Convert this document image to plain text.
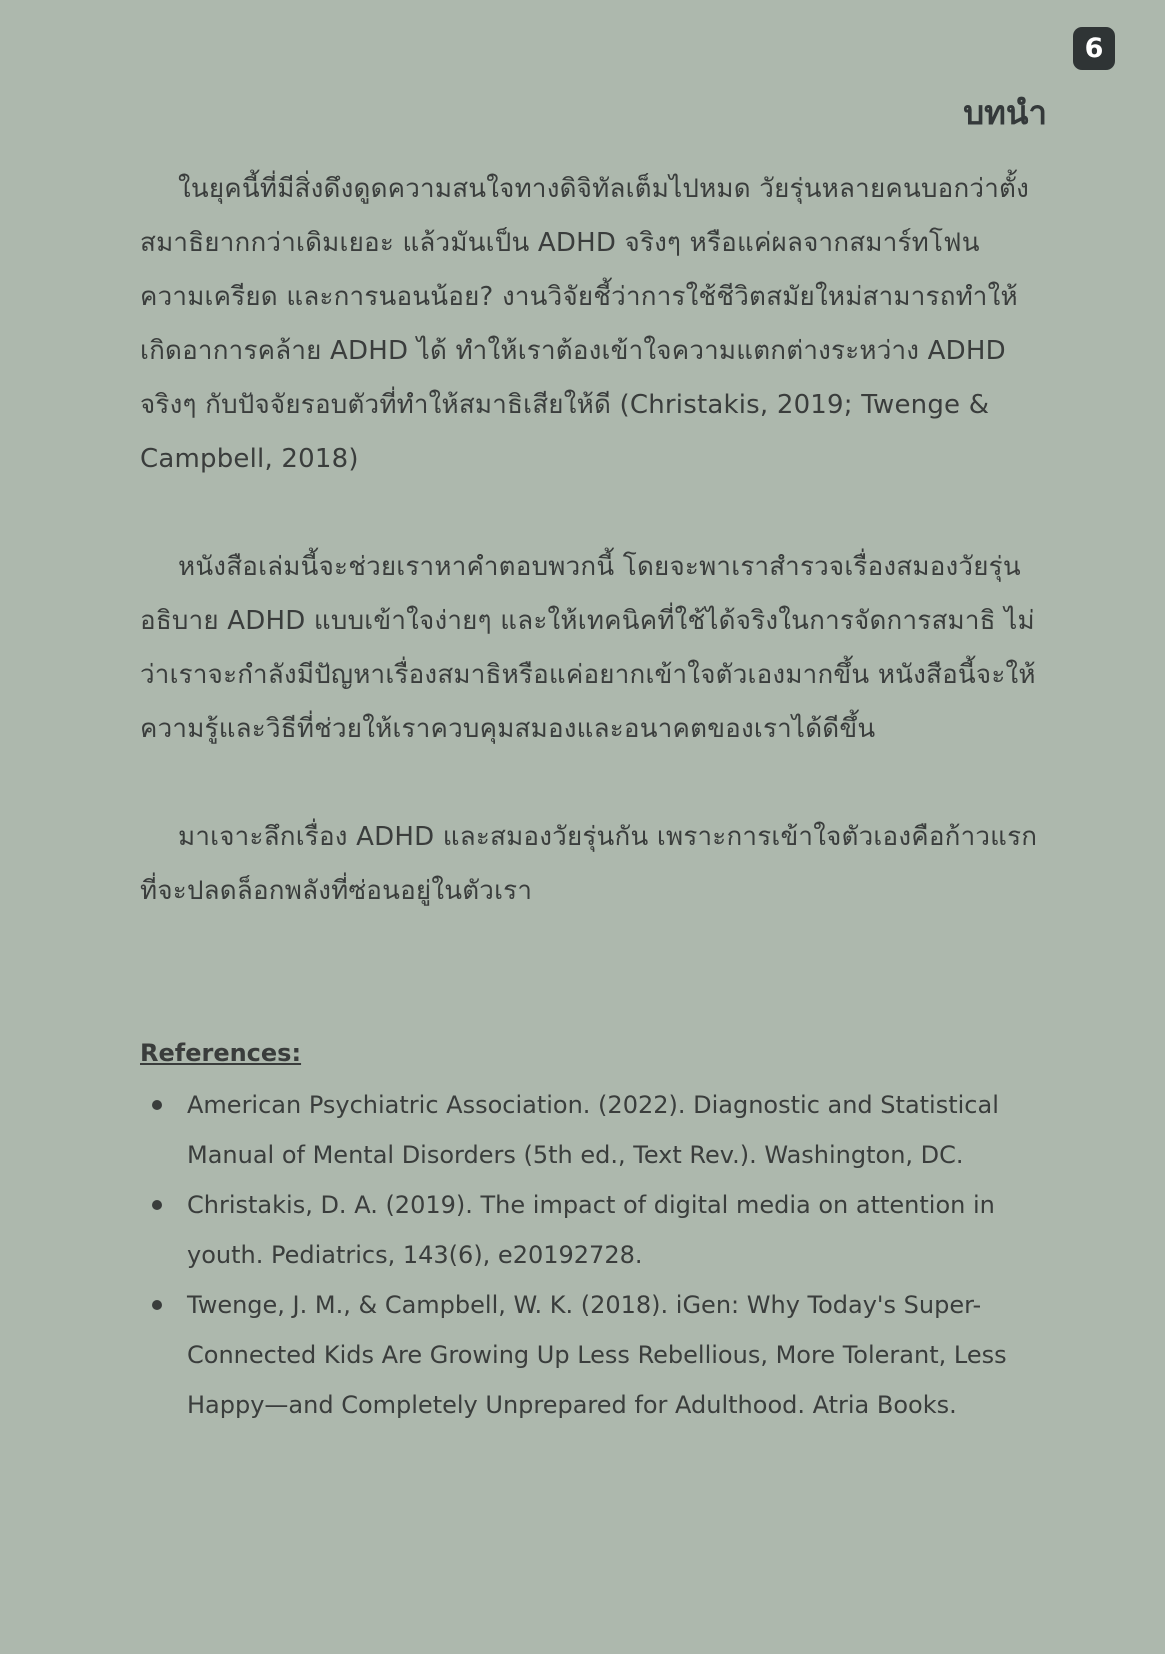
6
บทนำ

ในยุคนี้ที่มีสิ่งดึงดูดความสนใจทางดิจิทัลเต็มไปหมด วัยรุ่นหลายคนบอกว่าตั้งสมาธิยากกว่าเดิมเยอะ แล้วมันเป็น ADHD จริงๆ หรือแค่ผลจากสมาร์ทโฟน ความเครียด และการนอนน้อย? งานวิจัยชี้ว่าการใช้ชีวิตสมัยใหม่สามารถทำให้เกิดอาการคล้าย ADHD ได้ ทำให้เราต้องเข้าใจความแตกต่างระหว่าง ADHD จริงๆ กับปัจจัยรอบตัวที่ทำให้สมาธิเสียให้ดี (Christakis, 2019; Twenge & Campbell, 2018)

หนังสือเล่มนี้จะช่วยเราหาคำตอบพวกนี้ โดยจะพาเราสำรวจเรื่องสมองวัยรุ่น อธิบาย ADHD แบบเข้าใจง่ายๆ และให้เทคนิคที่ใช้ได้จริงในการจัดการสมาธิ ไม่ว่าเราจะกำลังมีปัญหาเรื่องสมาธิหรือแค่อยากเข้าใจตัวเองมากขึ้น หนังสือนี้จะให้ความรู้และวิธีที่ช่วยให้เราควบคุมสมองและอนาคตของเราได้ดีขึ้น

มาเจาะลึกเรื่อง ADHD และสมองวัยรุ่นกัน เพราะการเข้าใจตัวเองคือก้าวแรกที่จะปลดล็อกพลังที่ซ่อนอยู่ในตัวเรา

References:
American Psychiatric Association. (2022). Diagnostic and Statistical Manual of Mental Disorders (5th ed., Text Rev.). Washington, DC.
Christakis, D. A. (2019). The impact of digital media on attention in youth. Pediatrics, 143(6), e20192728.
Twenge, J. M., & Campbell, W. K. (2018). iGen: Why Today's Super-Connected Kids Are Growing Up Less Rebellious, More Tolerant, Less Happy—and Completely Unprepared for Adulthood. Atria Books.
